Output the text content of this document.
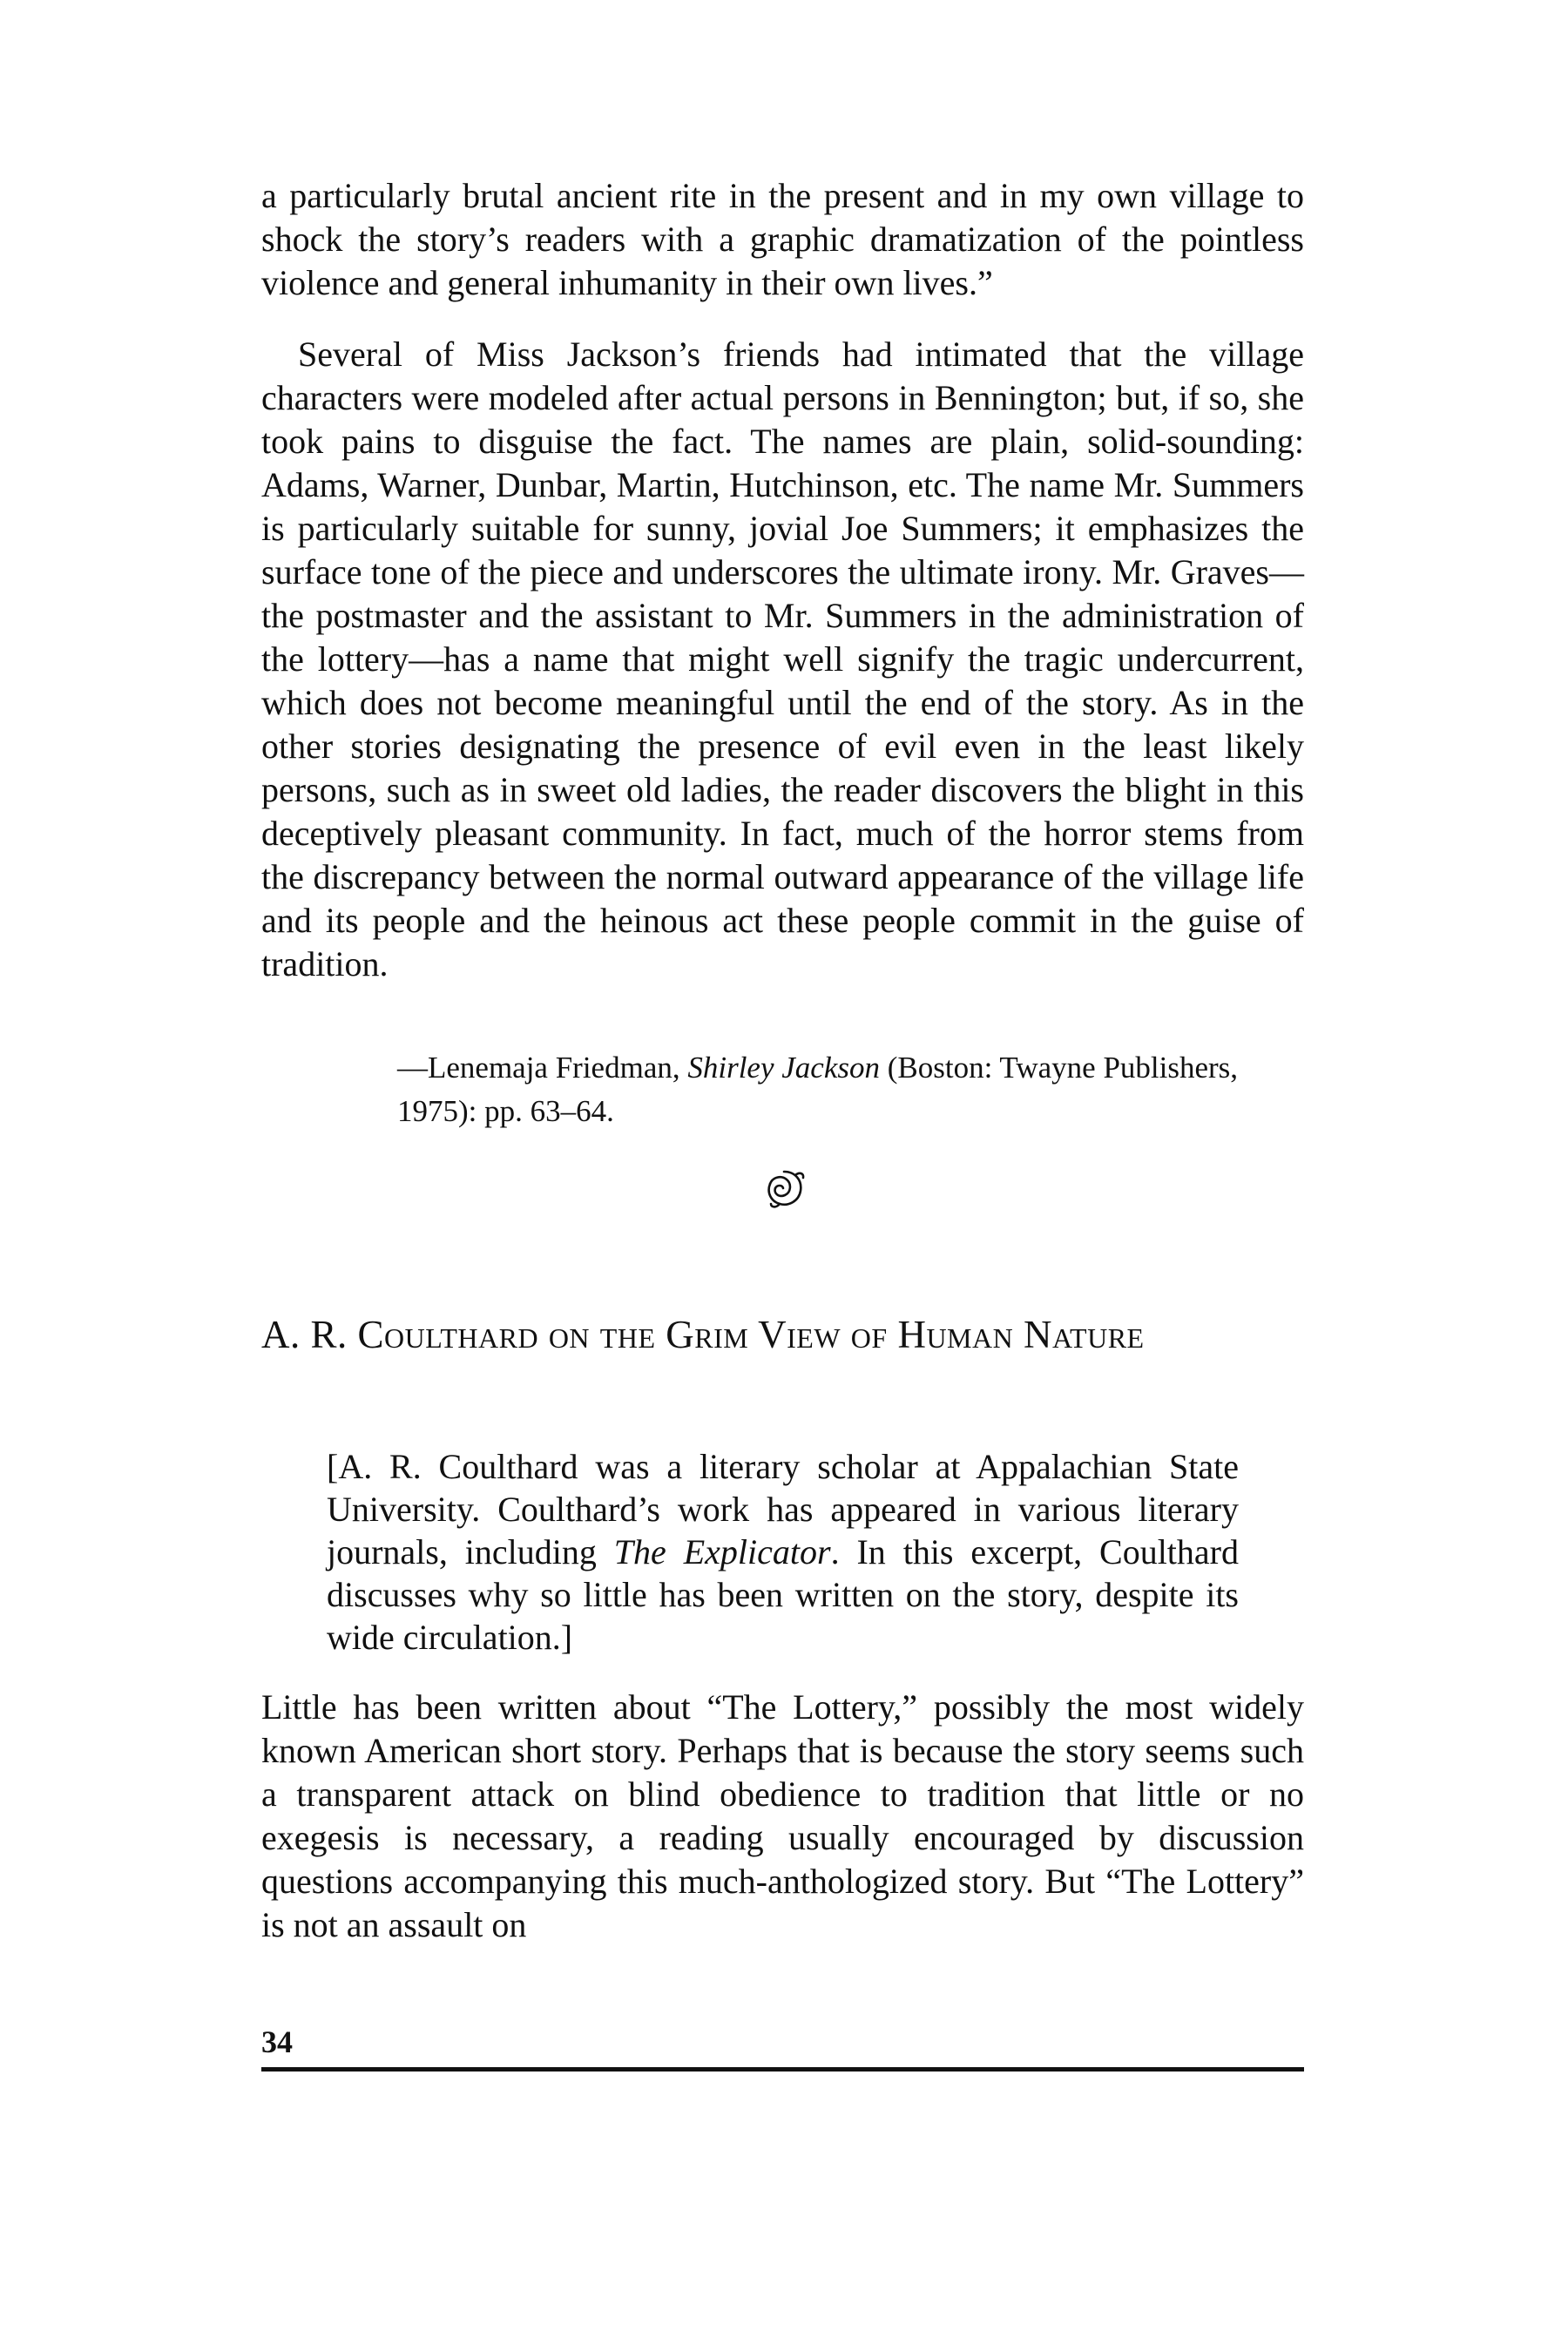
a particularly brutal ancient rite in the present and in my own village to shock the story’s readers with a graphic dramatization of the pointless violence and general inhumanity in their own lives.”

Several of Miss Jackson’s friends had intimated that the village characters were modeled after actual persons in Bennington; but, if so, she took pains to disguise the fact. The names are plain, solid-sounding: Adams, Warner, Dunbar, Martin, Hutchinson, etc. The name Mr. Summers is particularly suitable for sunny, jovial Joe Summers; it emphasizes the surface tone of the piece and underscores the ultimate irony. Mr. Graves—the postmaster and the assistant to Mr. Summers in the administration of the lottery—has a name that might well signify the tragic undercurrent, which does not become meaningful until the end of the story. As in the other stories designating the presence of evil even in the least likely persons, such as in sweet old ladies, the reader discovers the blight in this deceptively pleasant community. In fact, much of the horror stems from the discrepancy between the normal outward appearance of the village life and its people and the heinous act these people commit in the guise of tradition.

—Lenemaja Friedman, Shirley Jackson (Boston: Twayne Publishers, 1975): pp. 63–64.

A. R. Coulthard on the Grim View of Human Nature

[A. R. Coulthard was a literary scholar at Appalachian State University. Coulthard’s work has appeared in various literary journals, including The Explicator. In this excerpt, Coulthard discusses why so little has been written on the story, despite its wide circulation.]

Little has been written about “The Lottery,” possibly the most widely known American short story. Perhaps that is because the story seems such a transparent attack on blind obedience to tradition that little or no exegesis is necessary, a reading usually encouraged by discussion questions accompanying this much-anthologized story. But “The Lottery” is not an assault on

34
